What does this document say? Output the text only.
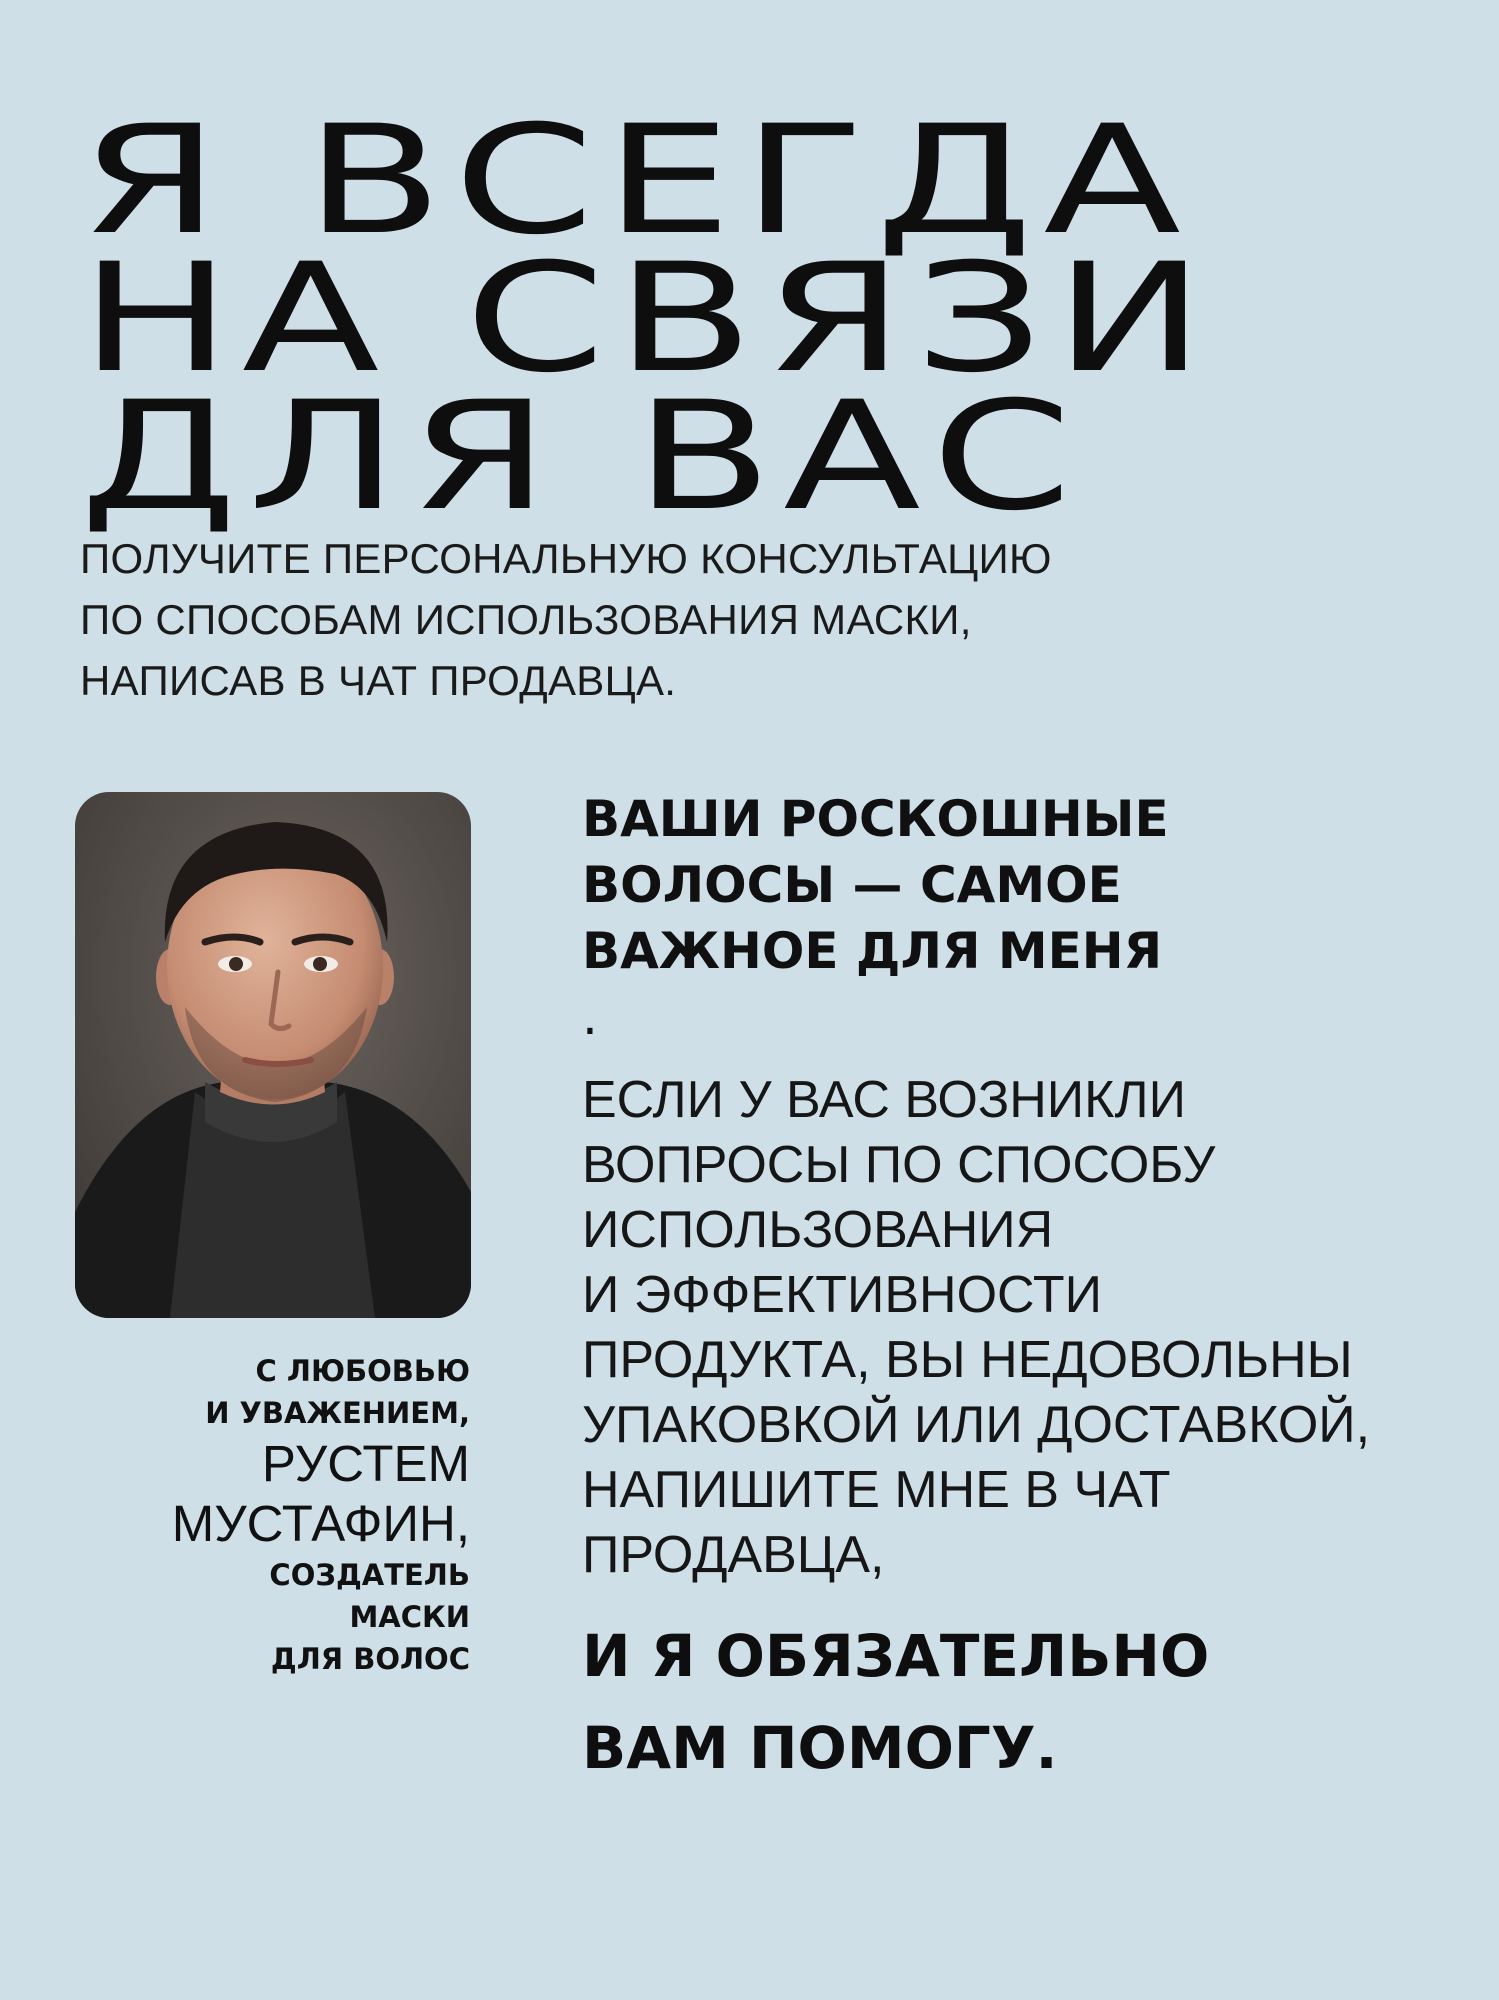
Я ВСЕГДА
НА СВЯЗИ
ДЛЯ ВАС

ПОЛУЧИТЕ ПЕРСОНАЛЬНУЮ КОНСУЛЬТАЦИЮ
ПО СПОСОБАМ ИСПОЛЬЗОВАНИЯ МАСКИ,
НАПИСАВ В ЧАТ ПРОДАВЦА.

С ЛЮБОВЬЮ
И УВАЖЕНИЕМ,
РУСТЕМ
МУСТАФИН,
СОЗДАТЕЛЬ
МАСКИ
ДЛЯ ВОЛОС

ВАШИ РОСКОШНЫЕ
ВОЛОСЫ — САМОЕ
ВАЖНОЕ ДЛЯ МЕНЯ
.

ЕСЛИ У ВАС ВОЗНИКЛИ
ВОПРОСЫ ПО СПОСОБУ
ИСПОЛЬЗОВАНИЯ
И ЭФФЕКТИВНОСТИ
ПРОДУКТА, ВЫ НЕДОВОЛЬНЫ
УПАКОВКОЙ ИЛИ ДОСТАВКОЙ,
НАПИШИТЕ МНЕ В ЧАТ
ПРОДАВЦА,

И Я ОБЯЗАТЕЛЬНО
ВАМ ПОМОГУ.
